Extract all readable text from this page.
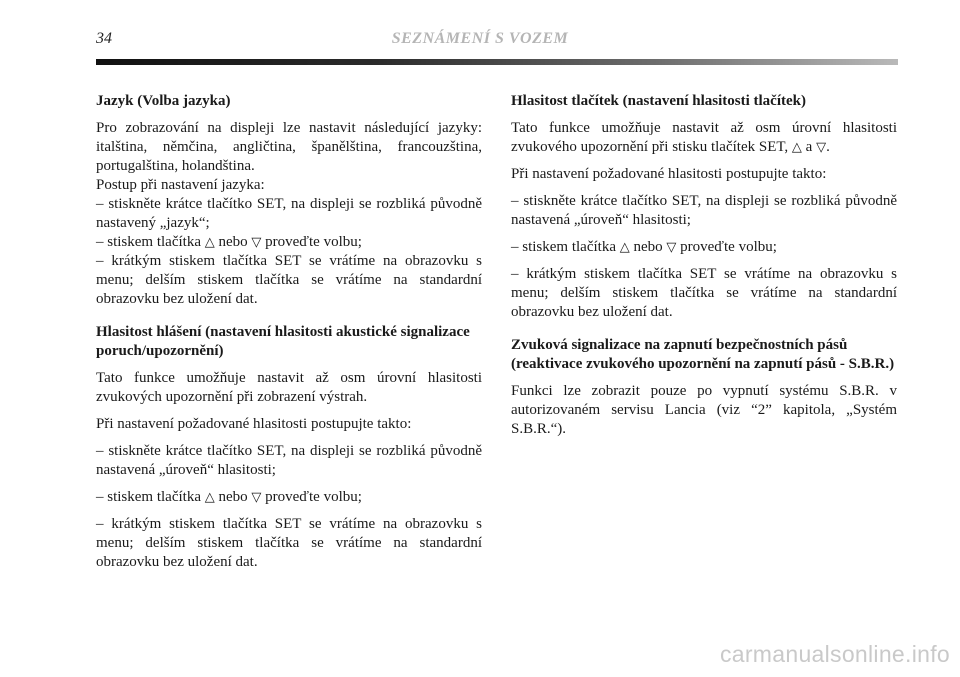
34	SEZNÁMENÍ S VOZEM
Jazyk (Volba jazyka)

Pro zobrazování na displeji lze nastavit následující jazyky: italština, němčina, angličtina, španělština, francouzština, portugalština, holandština.
Postup při nastavení jazyka:
– stiskněte krátce tlačítko SET, na displeji se rozbliká původně nastavený „jazyk“;
– stiskem tlačítka △ nebo ▽ proveďte volbu;
– krátkým stiskem tlačítka SET se vrátíme na obrazovku s menu; delším stiskem tlačítka se vrátíme na standardní obrazovku bez uložení dat.

Hlasitost hlášení (nastavení hlasitosti akustické signalizace poruch/upozornění)

Tato funkce umožňuje nastavit až osm úrovní hlasitosti zvukových upozornění při zobrazení výstrah.

Při nastavení požadované hlasitosti postupujte takto:

– stiskněte krátce tlačítko SET, na displeji se rozbliká původně nastavená „úroveň“ hlasitosti;

– stiskem tlačítka △ nebo ▽ proveďte volbu;

– krátkým stiskem tlačítka SET se vrátíme na obrazovku s menu; delším stiskem tlačítka se vrátíme na standardní obrazovku bez uložení dat.

Hlasitost tlačítek (nastavení hlasitosti tlačítek)

Tato funkce umožňuje nastavit až osm úrovní hlasitosti zvukového upozornění při stisku tlačítek SET, △ a ▽.

Při nastavení požadované hlasitosti postupujte takto:

– stiskněte krátce tlačítko SET, na displeji se rozbliká původně nastavená „úroveň“ hlasitosti;

– stiskem tlačítka △ nebo ▽ proveďte volbu;

– krátkým stiskem tlačítka SET se vrátíme na obrazovku s menu; delším stiskem tlačítka se vrátíme na standardní obrazovku bez uložení dat.

Zvuková signalizace na zapnutí bezpečnostních pásů (reaktivace zvukového upozornění na zapnutí pásů - S.B.R.)

Funkci lze zobrazit pouze po vypnutí systému S.B.R. v autorizovaném servisu Lancia (viz “2” kapitola, „Systém S.B.R.“).

carmanualsonline.info
